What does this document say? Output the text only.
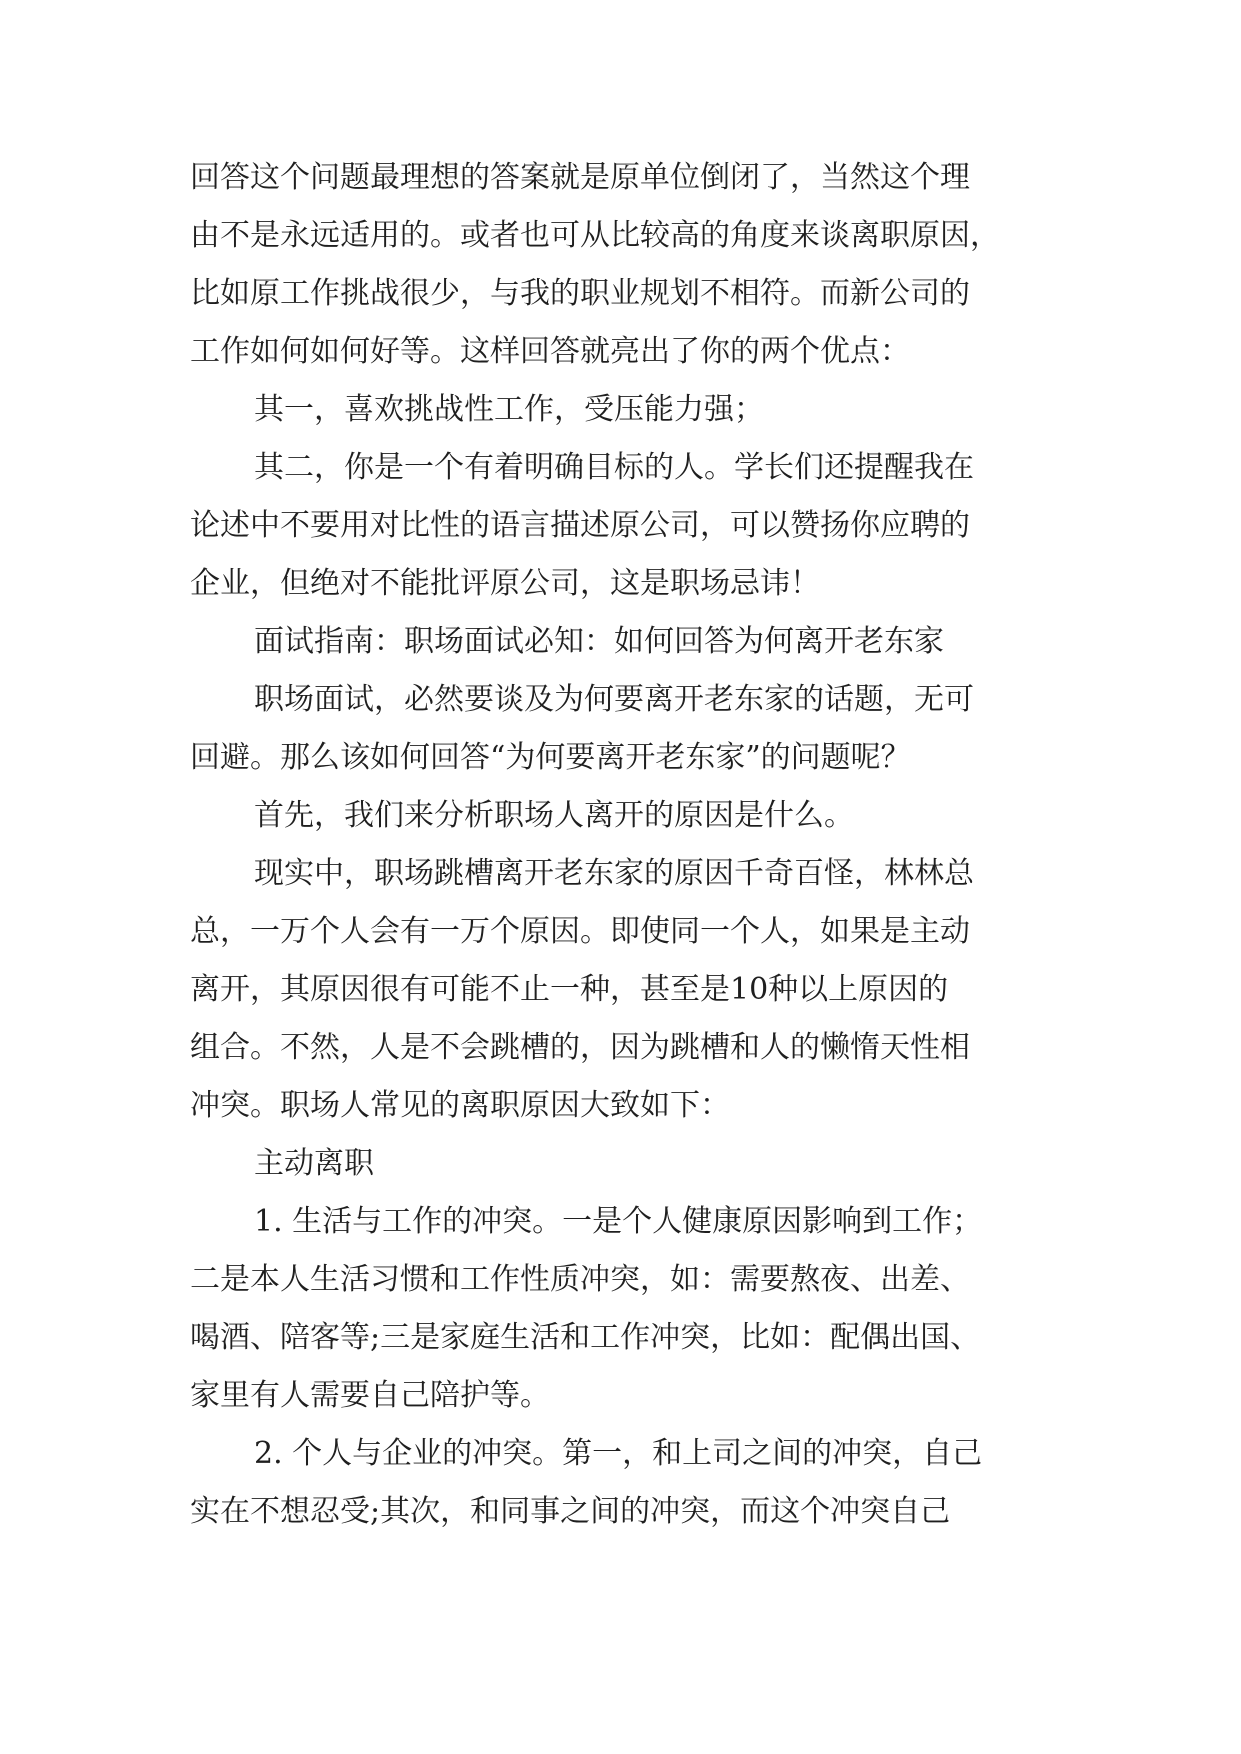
回答这个问题最理想的答案就是原单位倒闭了，当然这个理
由不是永远适用的。或者也可从比较高的角度来谈离职原因，
比如原工作挑战很少，与我的职业规划不相符。而新公司的
工作如何如何好等。这样回答就亮出了你的两个优点：
其一，喜欢挑战性工作，受压能力强；
其二，你是一个有着明确目标的人。学长们还提醒我在
论述中不要用对比性的语言描述原公司，可以赞扬你应聘的
企业，但绝对不能批评原公司，这是职场忌讳！
面试指南：职场面试必知：如何回答为何离开老东家
职场面试，必然要谈及为何要离开老东家的话题，无可
回避。那么该如何回答“为何要离开老东家”的问题呢？
首先，我们来分析职场人离开的原因是什么。
现实中，职场跳槽离开老东家的原因千奇百怪，林林总
总，一万个人会有一万个原因。即使同一个人，如果是主动
离开，其原因很有可能不止一种，甚至是10种以上原因的
组合。不然，人是不会跳槽的，因为跳槽和人的懒惰天性相
冲突。职场人常见的离职原因大致如下：
主动离职
1. 生活与工作的冲突。一是个人健康原因影响到工作；
二是本人生活习惯和工作性质冲突，如：需要熬夜、出差、
喝酒、陪客等;三是家庭生活和工作冲突，比如：配偶出国、
家里有人需要自己陪护等。
2. 个人与企业的冲突。第一，和上司之间的冲突，自己
实在不想忍受;其次，和同事之间的冲突，而这个冲突自己
